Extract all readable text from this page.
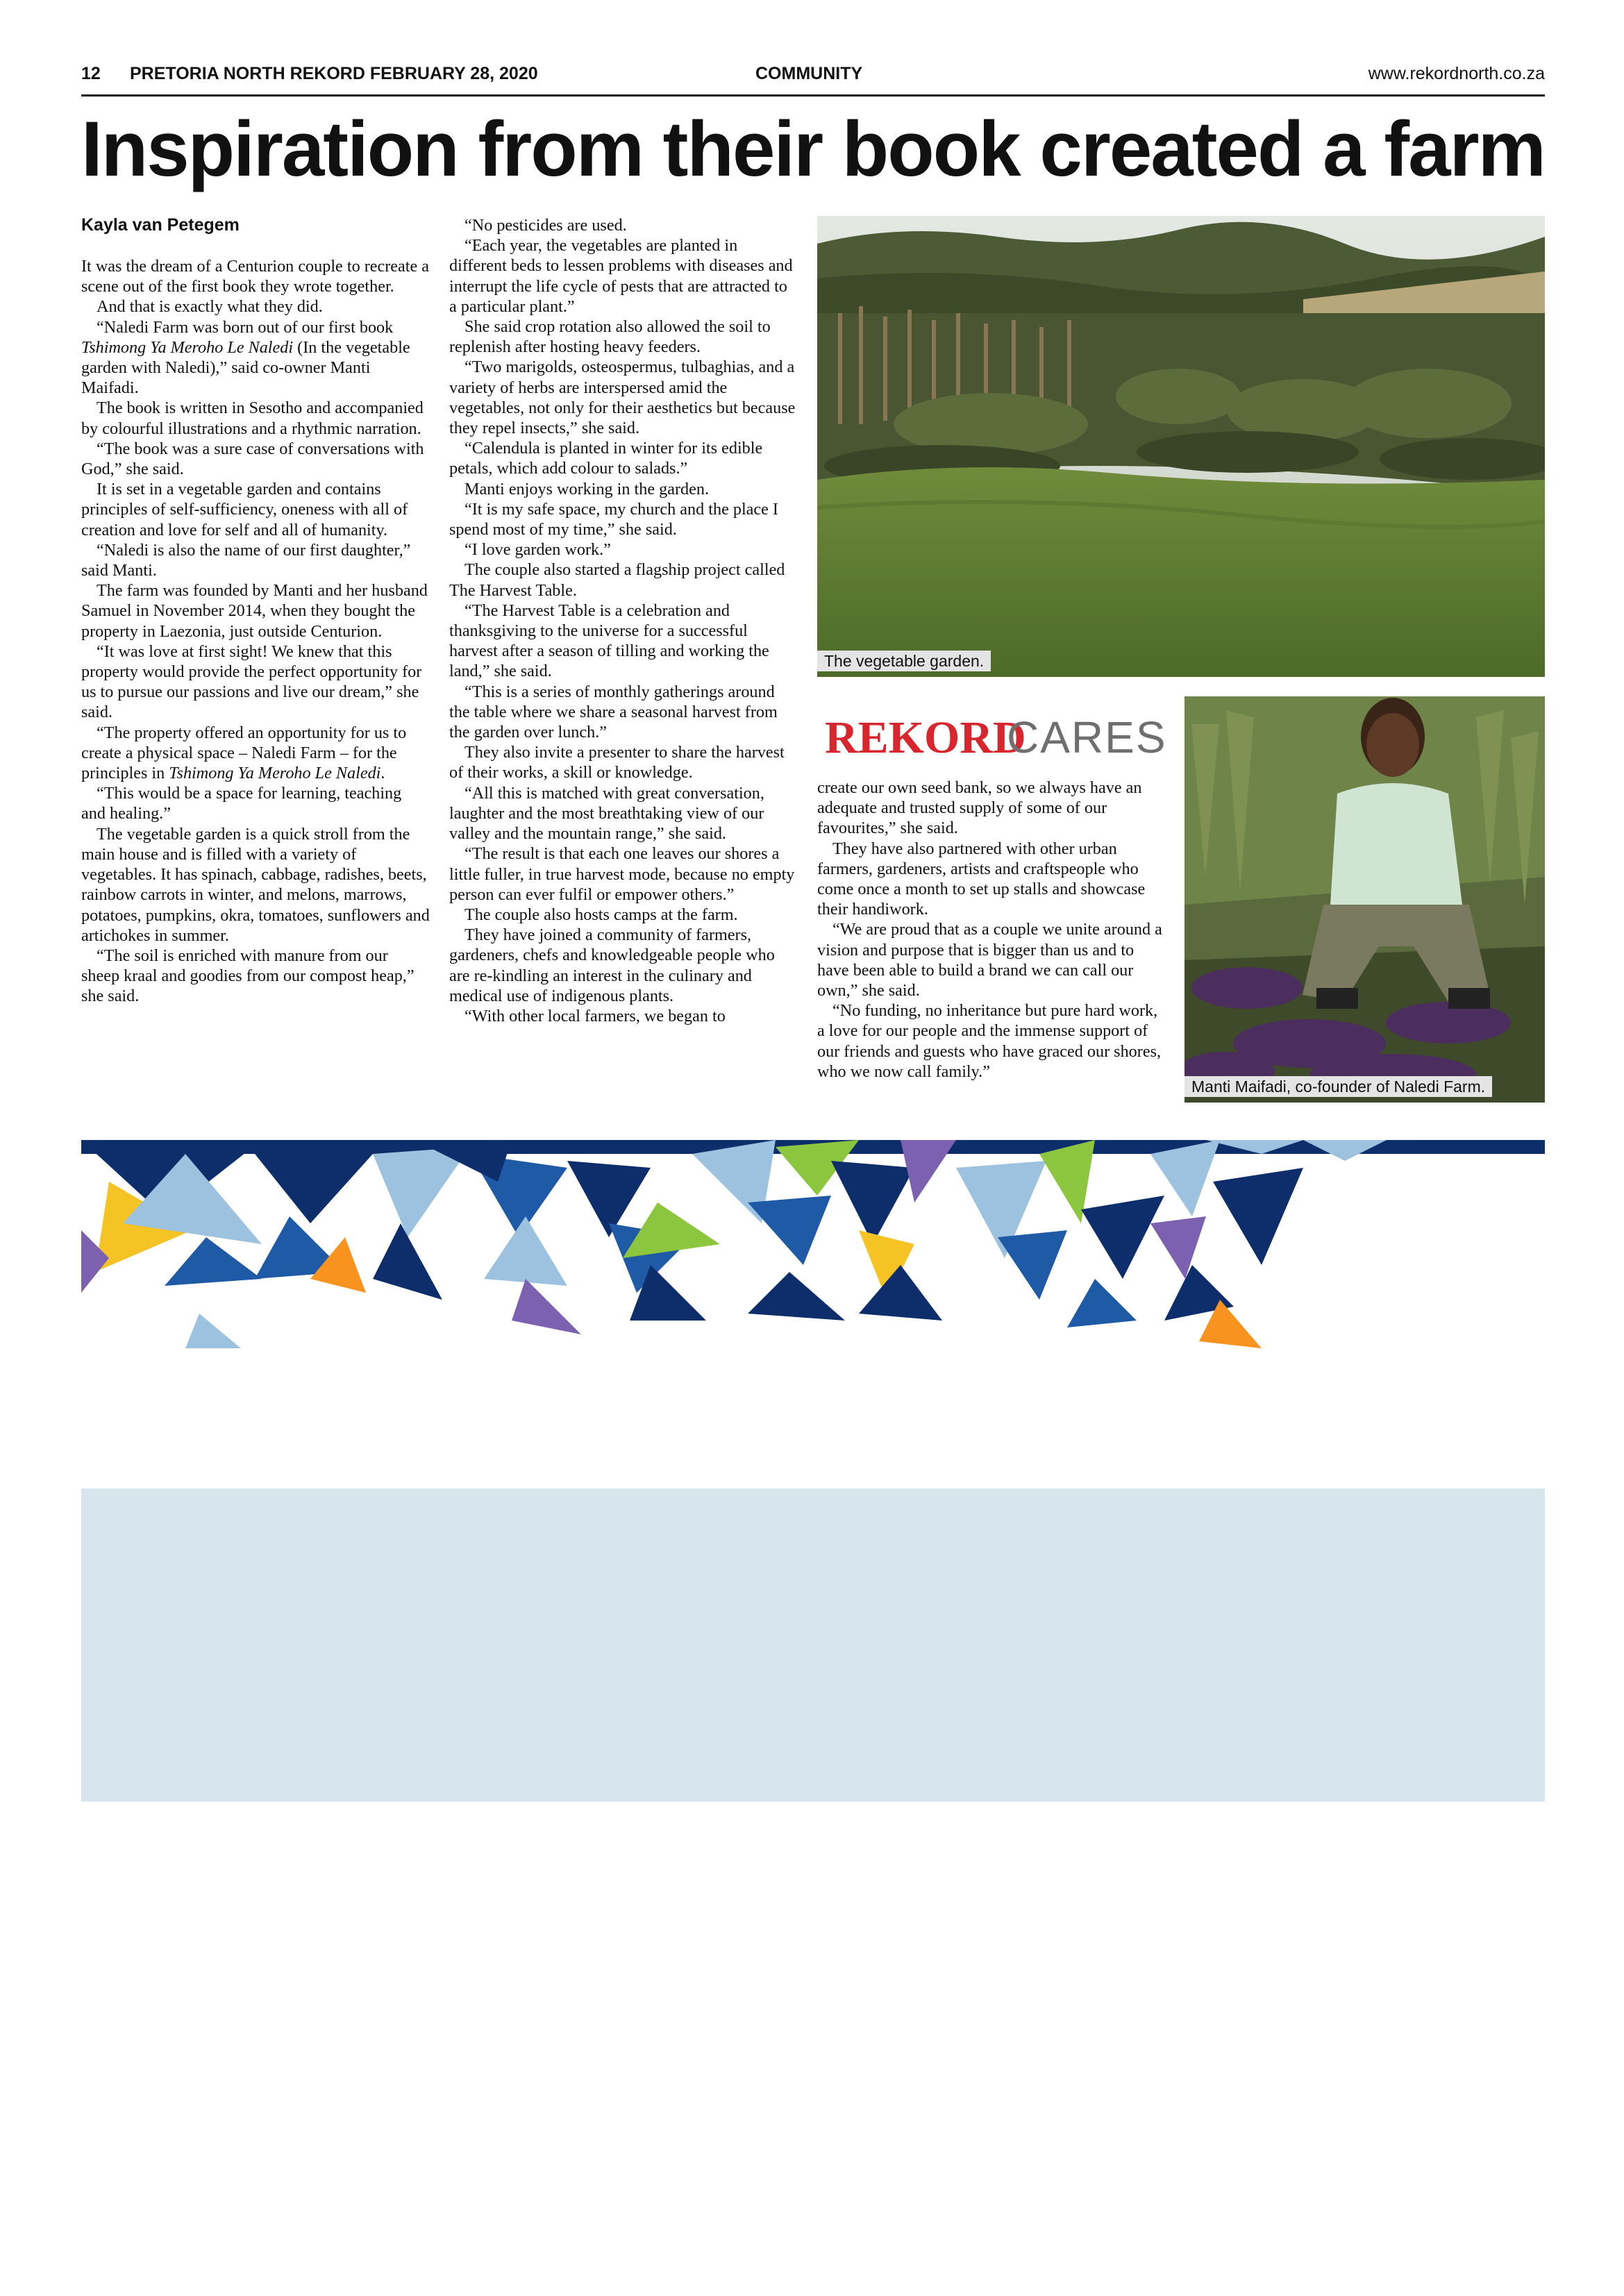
12 PRETORIA NORTH REKORD FEBRUARY 28, 2020	COMMUNITY	www.rekordnorth.co.za
Inspiration from their book created a farm
Kayla van Petegem

It was the dream of a Centurion couple to recreate a scene out of the first book they wrote together.

And that is exactly what they did.

“Naledi Farm was born out of our first book Tshimong Ya Meroho Le Naledi (In the vegetable garden with Naledi),” said co-owner Manti Maifadi.

The book is written in Sesotho and accompanied by colourful illustrations and a rhythmic narration.

“The book was a sure case of conversations with God,” she said.

It is set in a vegetable garden and contains principles of self-sufficiency, oneness with all of creation and love for self and all of humanity.

“Naledi is also the name of our first daughter,” said Manti.

The farm was founded by Manti and her husband Samuel in November 2014, when they bought the property in Laezonia, just outside Centurion.

“It was love at first sight! We knew that this property would provide the perfect opportunity for us to pursue our passions and live our dream,” she said.

“The property offered an opportunity for us to create a physical space – Naledi Farm – for the principles in Tshimong Ya Meroho Le Naledi.

“This would be a space for learning, teaching and healing.”

The vegetable garden is a quick stroll from the main house and is filled with a variety of vegetables. It has spinach, cabbage, radishes, beets, rainbow carrots in winter, and melons, marrows, potatoes, pumpkins, okra, tomatoes, sunflowers and artichokes in summer.

“The soil is enriched with manure from our sheep kraal and goodies from our compost heap,” she said.

“No pesticides are used.

“Each year, the vegetables are planted in different beds to lessen problems with diseases and interrupt the life cycle of pests that are attracted to a particular plant.”

She said crop rotation also allowed the soil to replenish after hosting heavy feeders.

“Two marigolds, osteospermus, tulbaghias, and a variety of herbs are interspersed amid the vegetables, not only for their aesthetics but because they repel insects,” she said.

“Calendula is planted in winter for its edible petals, which add colour to salads.”

Manti enjoys working in the garden.

“It is my safe space, my church and the place I spend most of my time,” she said.

“I love garden work.”

The couple also started a flagship project called The Harvest Table.

“The Harvest Table is a celebration and thanksgiving to the universe for a successful harvest after a season of tilling and working the land,” she said.

“This is a series of monthly gatherings around the table where we share a seasonal harvest from the garden over lunch.”

They also invite a presenter to share the harvest of their works, a skill or knowledge.

“All this is matched with great conversation, laughter and the most breathtaking view of our valley and the mountain range,” she said.

“The result is that each one leaves our shores a little fuller, in true harvest mode, because no empty person can ever fulfil or empower others.”

The couple also hosts camps at the farm.

They have joined a community of farmers, gardeners, chefs and knowledgeable people who are re-kindling an interest in the culinary and medical use of indigenous plants.

“With other local farmers, we began to

The vegetable garden.
REKORD
CARES

create our own seed bank, so we always have an adequate and trusted supply of some of our favourites,” she said.

They have also partnered with other urban farmers, gardeners, artists and craftspeople who come once a month to set up stalls and showcase their handiwork.

“We are proud that as a couple we unite around a vision and purpose that is bigger than us and to have been able to build a brand we can call our own,” she said.

“No funding, no inheritance but pure hard work, a love for our people and the immense support of our friends and guests who have graced our shores, who we now call family.”

Manti Maifadi, co-founder of Naledi Farm.
